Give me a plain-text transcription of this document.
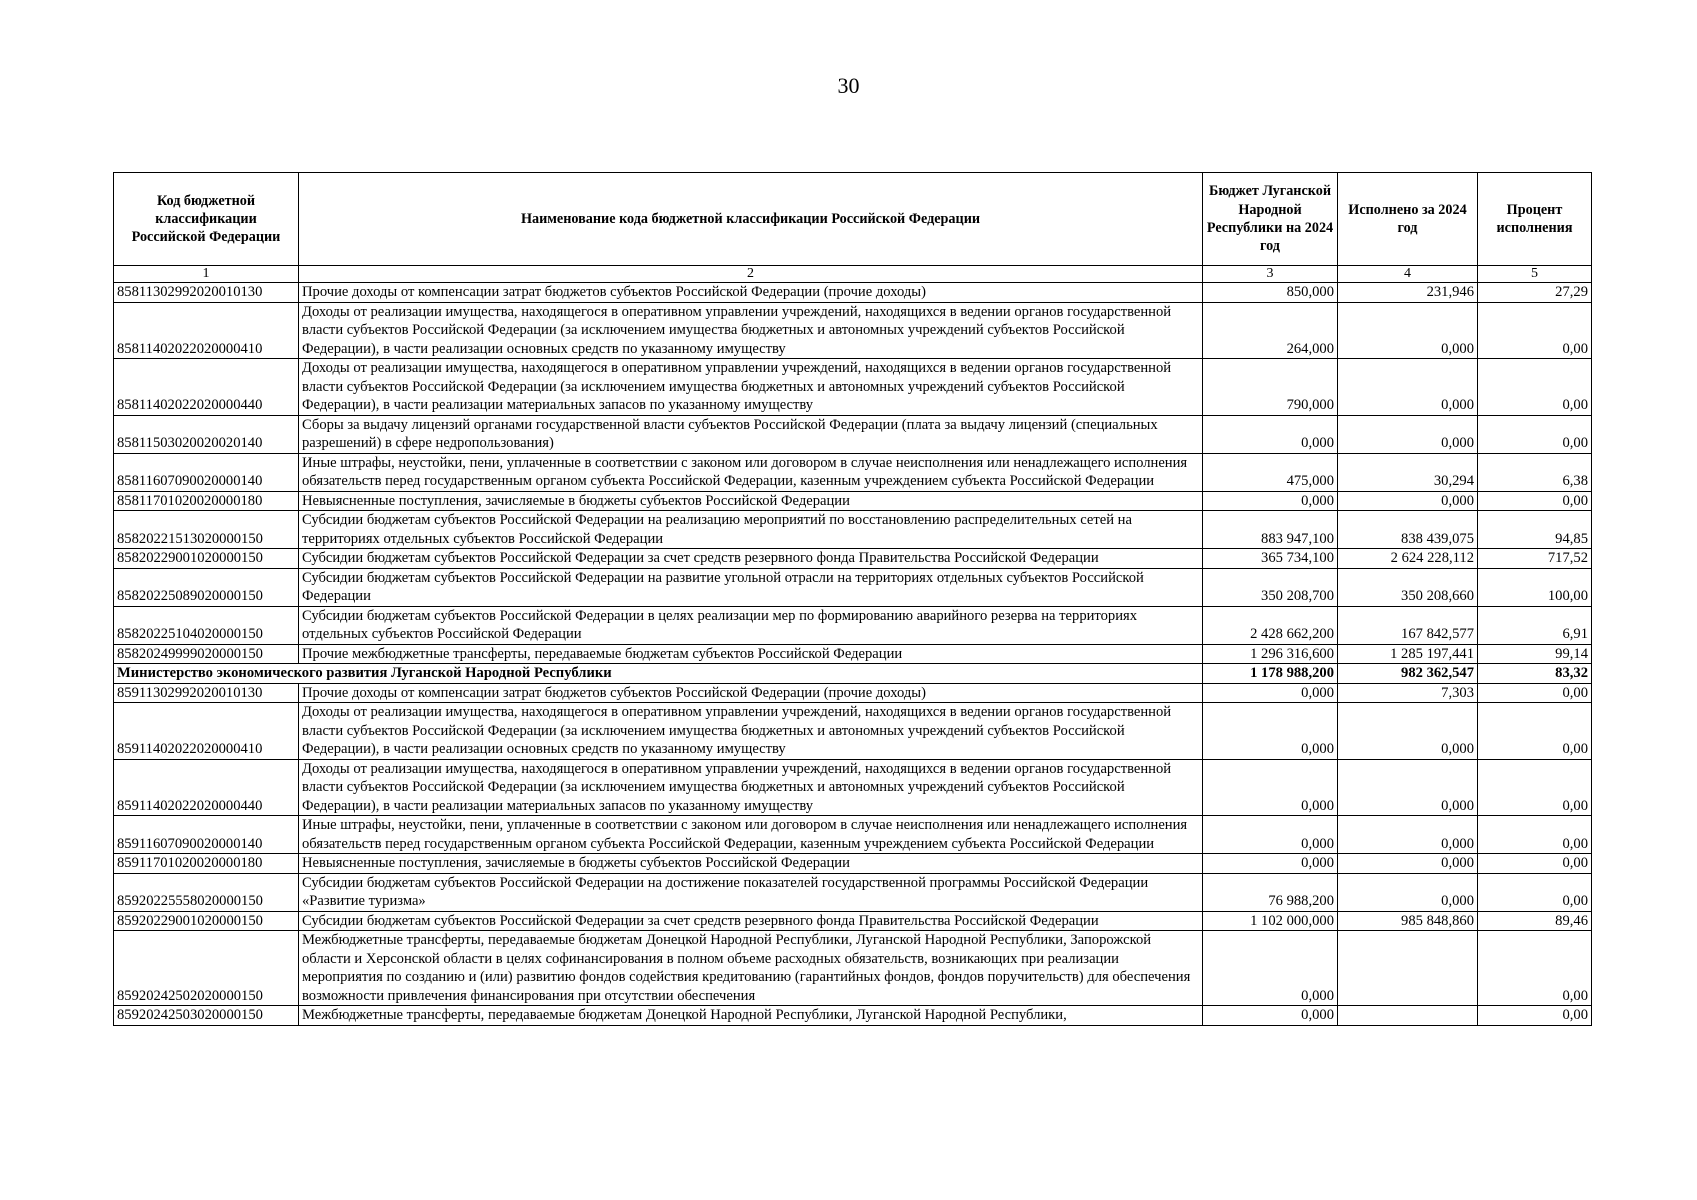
30
Код бюджетной классификации Российской Федерации	Наименование кода бюджетной классификации Российской Федерации	Бюджет Луганской Народной Республики на 2024 год	Исполнено за 2024 год	Процент исполнения
1	2	3	4	5
85811302992020010130	Прочие доходы от компенсации затрат бюджетов субъектов Российской Федерации (прочие доходы)	850,000	231,946	27,29
85811402022020000410	Доходы от реализации имущества, находящегося в оперативном управлении учреждений, находящихся в ведении органов государственной власти субъектов Российской Федерации (за исключением имущества бюджетных и автономных учреждений субъектов Российской Федерации), в части реализации основных средств по указанному имуществу	264,000	0,000	0,00
85811402022020000440	Доходы от реализации имущества, находящегося в оперативном управлении учреждений, находящихся в ведении органов государственной власти субъектов Российской Федерации (за исключением имущества бюджетных и автономных учреждений субъектов Российской Федерации), в части реализации материальных запасов по указанному имуществу	790,000	0,000	0,00
85811503020020020140	Сборы за выдачу лицензий органами государственной власти субъектов Российской Федерации (плата за выдачу лицензий (специальных разрешений) в сфере недропользования)	0,000	0,000	0,00
85811607090020000140	Иные штрафы, неустойки, пени, уплаченные в соответствии с законом или договором в случае неисполнения или ненадлежащего исполнения обязательств перед государственным органом субъекта Российской Федерации, казенным учреждением субъекта Российской Федерации	475,000	30,294	6,38
85811701020020000180	Невыясненные поступления, зачисляемые в бюджеты субъектов Российской Федерации	0,000	0,000	0,00
85820221513020000150	Субсидии бюджетам субъектов Российской Федерации на реализацию мероприятий по восстановлению распределительных сетей на территориях отдельных субъектов Российской Федерации	883 947,100	838 439,075	94,85
85820229001020000150	Субсидии бюджетам субъектов Российской Федерации за счет средств резервного фонда Правительства Российской Федерации	365 734,100	2 624 228,112	717,52
85820225089020000150	Субсидии бюджетам субъектов Российской Федерации на развитие угольной отрасли на территориях отдельных субъектов Российской Федерации	350 208,700	350 208,660	100,00
85820225104020000150	Субсидии бюджетам субъектов Российской Федерации в целях реализации мер по формированию аварийного резерва на территориях отдельных субъектов Российской Федерации	2 428 662,200	167 842,577	6,91
85820249999020000150	Прочие межбюджетные трансферты, передаваемые бюджетам субъектов Российской Федерации	1 296 316,600	1 285 197,441	99,14
Министерство экономического развития Луганской Народной Республики		1 178 988,200	982 362,547	83,32
85911302992020010130	Прочие доходы от компенсации затрат бюджетов субъектов Российской Федерации (прочие доходы)	0,000	7,303	0,00
85911402022020000410	Доходы от реализации имущества, находящегося в оперативном управлении учреждений, находящихся в ведении органов государственной власти субъектов Российской Федерации (за исключением имущества бюджетных и автономных учреждений субъектов Российской Федерации), в части реализации основных средств по указанному имуществу	0,000	0,000	0,00
85911402022020000440	Доходы от реализации имущества, находящегося в оперативном управлении учреждений, находящихся в ведении органов государственной власти субъектов Российской Федерации (за исключением имущества бюджетных и автономных учреждений субъектов Российской Федерации), в части реализации материальных запасов по указанному имуществу	0,000	0,000	0,00
85911607090020000140	Иные штрафы, неустойки, пени, уплаченные в соответствии с законом или договором в случае неисполнения или ненадлежащего исполнения обязательств перед государственным органом субъекта Российской Федерации, казенным учреждением субъекта Российской Федерации	0,000	0,000	0,00
85911701020020000180	Невыясненные поступления, зачисляемые в бюджеты субъектов Российской Федерации	0,000	0,000	0,00
85920225558020000150	Субсидии бюджетам субъектов Российской Федерации на достижение показателей государственной программы Российской Федерации «Развитие туризма»	76 988,200	0,000	0,00
85920229001020000150	Субсидии бюджетам субъектов Российской Федерации за счет средств резервного фонда Правительства Российской Федерации	1 102 000,000	985 848,860	89,46
85920242502020000150	Межбюджетные трансферты, передаваемые бюджетам Донецкой Народной Республики, Луганской Народной Республики, Запорожской области и Херсонской области в целях софинансирования в полном объеме расходных обязательств, возникающих при реализации мероприятия по созданию и (или) развитию фондов содействия кредитованию (гарантийных фондов, фондов поручительств) для обеспечения возможности привлечения финансирования при отсутствии обеспечения	0,000		0,00
85920242503020000150	Межбюджетные трансферты, передаваемые бюджетам Донецкой Народной Республики, Луганской Народной Республики,	0,000		0,00
